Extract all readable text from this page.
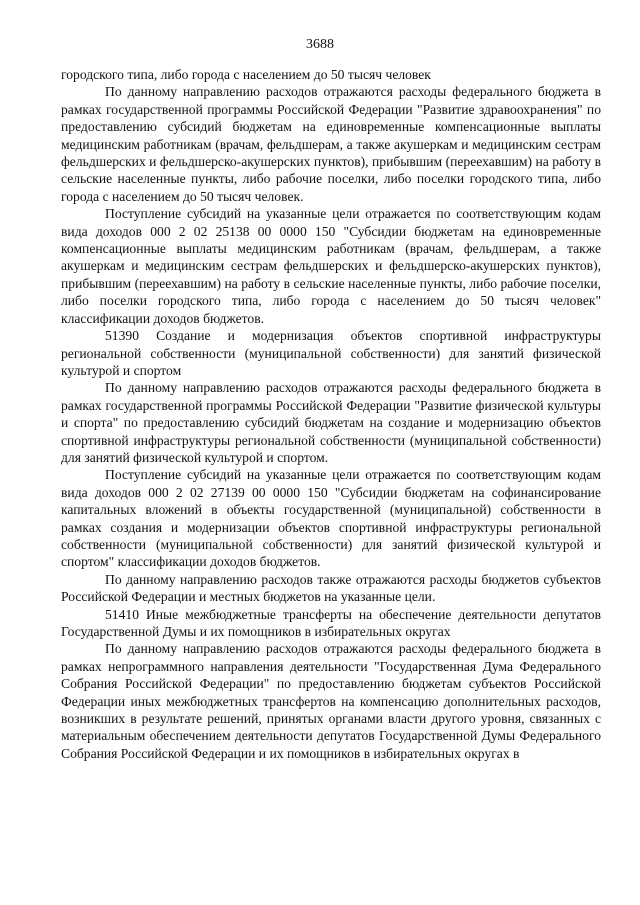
3688

городского типа, либо города с населением до 50 тысяч человек

По данному направлению расходов отражаются расходы федерального бюджета в рамках государственной программы Российской Федерации "Развитие здравоохранения" по предоставлению субсидий бюджетам на единовременные компенсационные выплаты медицинским работникам (врачам, фельдшерам, а также акушеркам и медицинским сестрам фельдшерских и фельдшерско-акушерских пунктов), прибывшим (переехавшим) на работу в сельские населенные пункты, либо рабочие поселки, либо поселки городского типа, либо города с населением до 50 тысяч человек.

Поступление субсидий на указанные цели отражается по соответствующим кодам вида доходов 000 2 02 25138 00 0000 150 "Субсидии бюджетам на единовременные компенсационные выплаты медицинским работникам (врачам, фельдшерам, а также акушеркам и медицинским сестрам фельдшерских и фельдшерско-акушерских пунктов), прибывшим (переехавшим) на работу в сельские населенные пункты, либо рабочие поселки, либо поселки городского типа, либо города с населением до 50 тысяч человек" классификации доходов бюджетов.

51390 Создание и модернизация объектов спортивной инфраструктуры региональной собственности (муниципальной собственности) для занятий физической культурой и спортом

По данному направлению расходов отражаются расходы федерального бюджета в рамках государственной программы Российской Федерации "Развитие физической культуры и спорта" по предоставлению субсидий бюджетам на создание и модернизацию объектов спортивной инфраструктуры региональной собственности (муниципальной собственности) для занятий физической культурой и спортом.

Поступление субсидий на указанные цели отражается по соответствующим кодам вида доходов 000 2 02 27139 00 0000 150 "Субсидии бюджетам на софинансирование капитальных вложений в объекты государственной (муниципальной) собственности в рамках создания и модернизации объектов спортивной инфраструктуры региональной собственности (муниципальной собственности) для занятий физической культурой и спортом" классификации доходов бюджетов.

По данному направлению расходов также отражаются расходы бюджетов субъектов Российской Федерации и местных бюджетов на указанные цели.

51410 Иные межбюджетные трансферты на обеспечение деятельности депутатов Государственной Думы и их помощников в избирательных округах

По данному направлению расходов отражаются расходы федерального бюджета в рамках непрограммного направления деятельности "Государственная Дума Федерального Собрания Российской Федерации" по предоставлению бюджетам субъектов Российской Федерации иных межбюджетных трансфертов на компенсацию дополнительных расходов, возникших в результате решений, принятых органами власти другого уровня, связанных с материальным обеспечением деятельности депутатов Государственной Думы Федерального Собрания Российской Федерации и их помощников в избирательных округах в
